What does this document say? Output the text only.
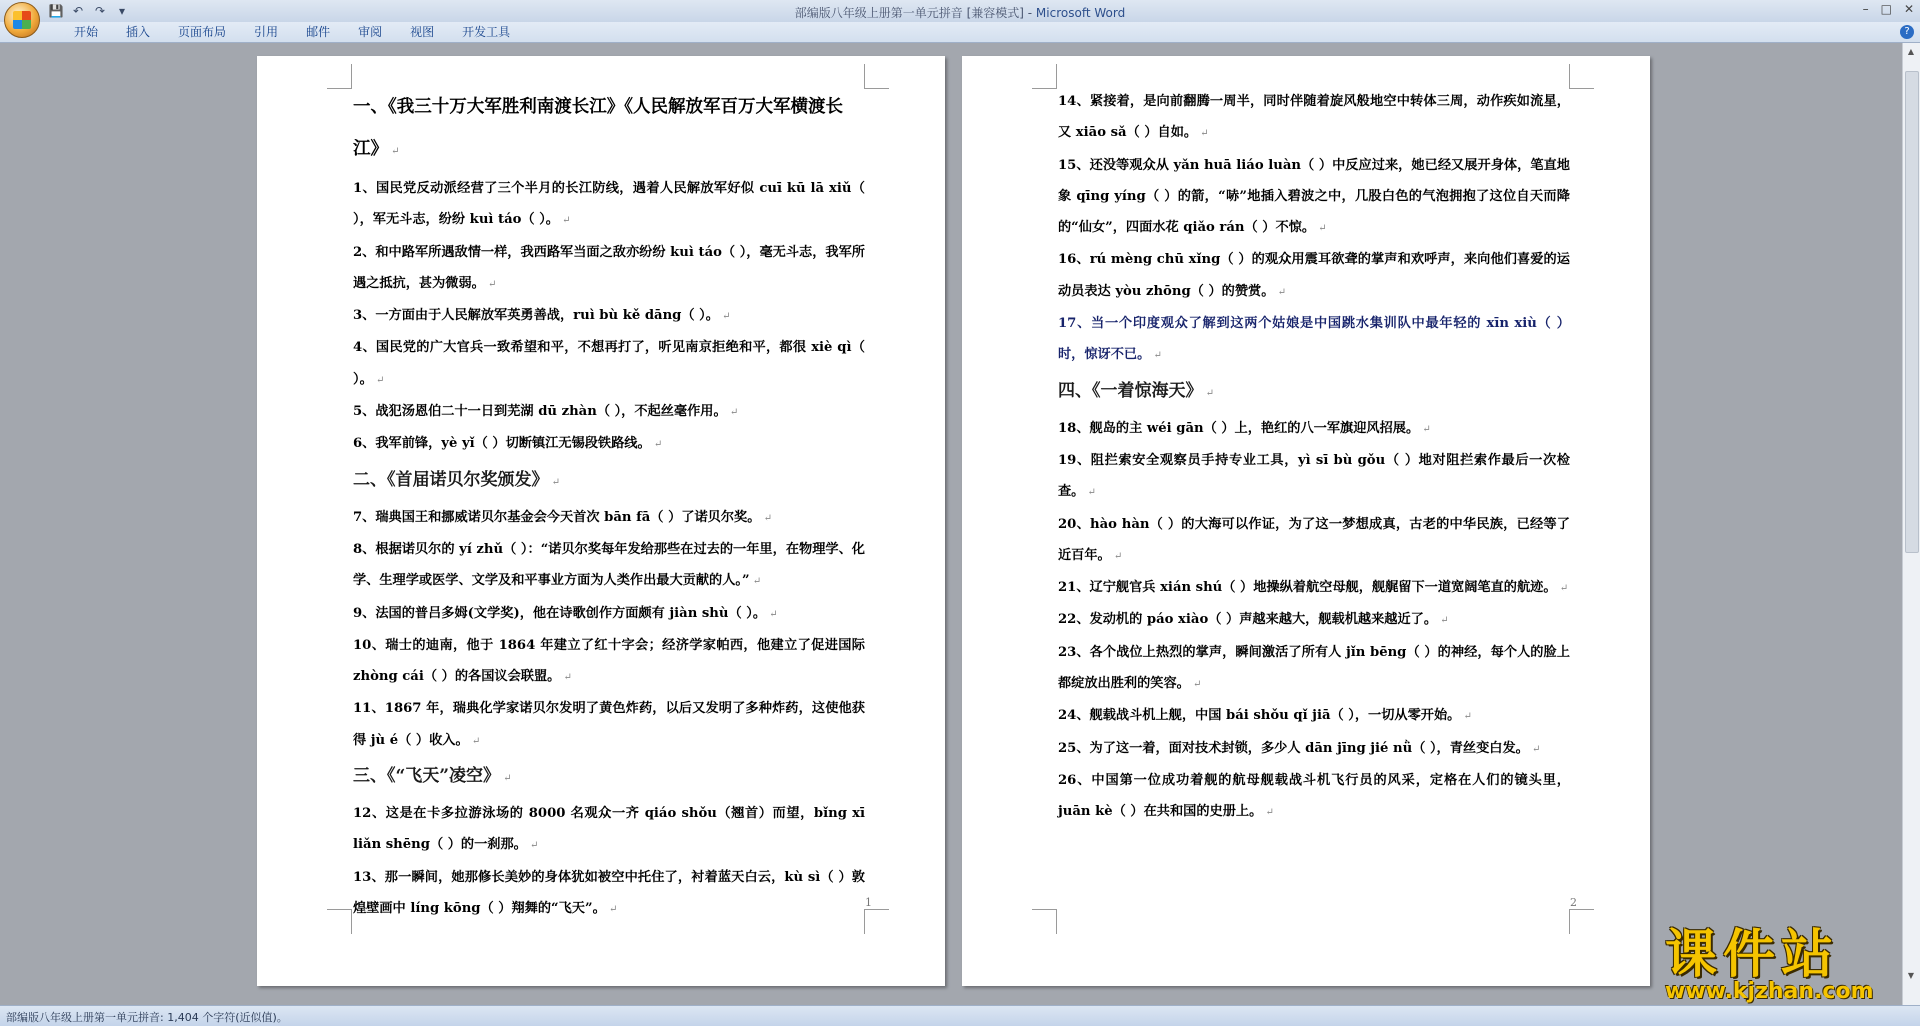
💾 ↶ ↷	▾	部编版八年级上册第一单元拼音 [兼容模式] - Microsoft Word	– □ ✕
开始	插入	页面布局	引用	邮件	审阅	视图	开发工具	?
一、《我三十万大军胜利南渡长江》《人民解放军百万大军横渡长江》 ↵
1、国民党反动派经营了三个半月的长江防线，遇着人民解放军好似 cuī kū lā xiǔ（ ），军无斗志，纷纷 kuì táo（ ）。 ↵
2、和中路军所遇敌情一样，我西路军当面之敌亦纷纷 kuì táo（ ），毫无斗志，我军所遇之抵抗，甚为微弱。 ↵
3、一方面由于人民解放军英勇善战，ruì bù kě dāng（ ）。 ↵
4、国民党的广大官兵一致希望和平，不想再打了，听见南京拒绝和平，都很 xiè qì（ ）。 ↵
5、战犯汤恩伯二十一日到芜湖 dū zhàn（ ），不起丝毫作用。 ↵
6、我军前锋，yè yǐ（ ）切断镇江无锡段铁路线。 ↵
二、《首届诺贝尔奖颁发》 ↵
7、瑞典国王和挪威诺贝尔基金会今天首次 bān fā（ ）了诺贝尔奖。 ↵
8、根据诺贝尔的 yí zhǔ（ ）：“诺贝尔奖每年发给那些在过去的一年里，在物理学、化学、生理学或医学、文学及和平事业方面为人类作出最大贡献的人。” ↵
9、法国的普吕多姆(文学奖)，他在诗歌创作方面颇有 jiàn shù（ ）。 ↵
10、瑞士的迪南，他于 1864 年建立了红十字会；经济学家帕西，他建立了促进国际 zhòng cái（ ）的各国议会联盟。 ↵
11、1867 年，瑞典化学家诺贝尔发明了黄色炸药，以后又发明了多种炸药，这使他获得 jù é（ ）收入。 ↵
三、《“飞天”凌空》 ↵
12、这是在卡多拉游泳场的 8000 名观众一齐 qiáo shǒu（翘首）而望，bǐng xī liǎn shēng（ ）的一刹那。 ↵
13、那一瞬间，她那修长美妙的身体犹如被空中托住了，衬着蓝天白云，kù sì（ ）敦煌壁画中 líng kōng（ ）翔舞的“飞天”。 ↵	1
14、紧接着，是向前翻腾一周半，同时伴随着旋风般地空中转体三周，动作疾如流星，又 xiāo sǎ（ ）自如。 ↵
15、还没等观众从 yǎn huā liáo luàn（ ）中反应过来，她已经又展开身体，笔直地象 qīng yíng（ ）的箭，“哧”地插入碧波之中，几股白色的气泡拥抱了这位自天而降的“仙女”，四面水花 qiǎo rán（ ）不惊。 ↵
16、rú mèng chū xǐng（ ）的观众用震耳欲聋的掌声和欢呼声，来向他们喜爱的运动员表达 yòu zhōng（ ）的赞赏。 ↵
17、当一个印度观众了解到这两个姑娘是中国跳水集训队中最年轻的 xīn xiù（ ）时，惊讶不已。 ↵
四、《一着惊海天》 ↵
18、舰岛的主 wéi gān（ ）上，艳红的八一军旗迎风招展。 ↵
19、阻拦索安全观察员手持专业工具，yì sī bù gǒu（ ）地对阻拦索作最后一次检查。 ↵
20、hào hàn（ ）的大海可以作证，为了这一梦想成真，古老的中华民族，已经等了近百年。 ↵
21、辽宁舰官兵 xián shú（ ）地操纵着航空母舰，舰艉留下一道宽阔笔直的航迹。 ↵
22、发动机的 páo xiào（ ）声越来越大，舰载机越来越近了。 ↵
23、各个战位上热烈的掌声，瞬间激活了所有人 jǐn bēng（ ）的神经，每个人的脸上都绽放出胜利的笑容。 ↵
24、舰载战斗机上舰，中国 bái shǒu qǐ jiā（ ），一切从零开始。 ↵
25、为了这一着，面对技术封锁，多少人 dān jīng jié nǜ（ ），青丝变白发。 ↵
26、中国第一位成功着舰的航母舰载战斗机飞行员的风采，定格在人们的镜头里，juān kè（ ）在共和国的史册上。 ↵
2
▲
▼
部编版八年级上册第一单元拼音: 1,404 个字符(近似值)。
课件站
www.kjzhan.com
